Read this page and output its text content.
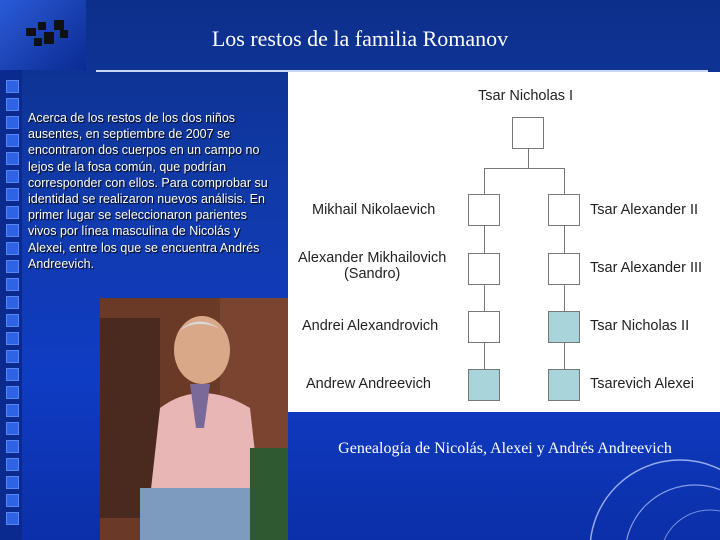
Los restos de la familia Romanov
Acerca de los restos de los dos niños ausentes, en septiembre de 2007 se encontraron dos cuerpos en un campo no lejos de la fosa común, que podrían corresponder con ellos. Para comprobar su identidad se realizaron nuevos análisis. En primer lugar se seleccionaron parientes vivos por línea masculina de Nicolás y Alexei, entre los que se encuentra Andrés Andreevich.
Tsar Nicholas I
Mikhail Nikolaevich
Alexander Mikhailovich
(Sandro)
Andrei Alexandrovich
Andrew Andreevich
Tsar Alexander II
Tsar Alexander III
Tsar Nicholas II
Tsarevich Alexei
Genealogía de Nicolás, Alexei y Andrés Andreevich
